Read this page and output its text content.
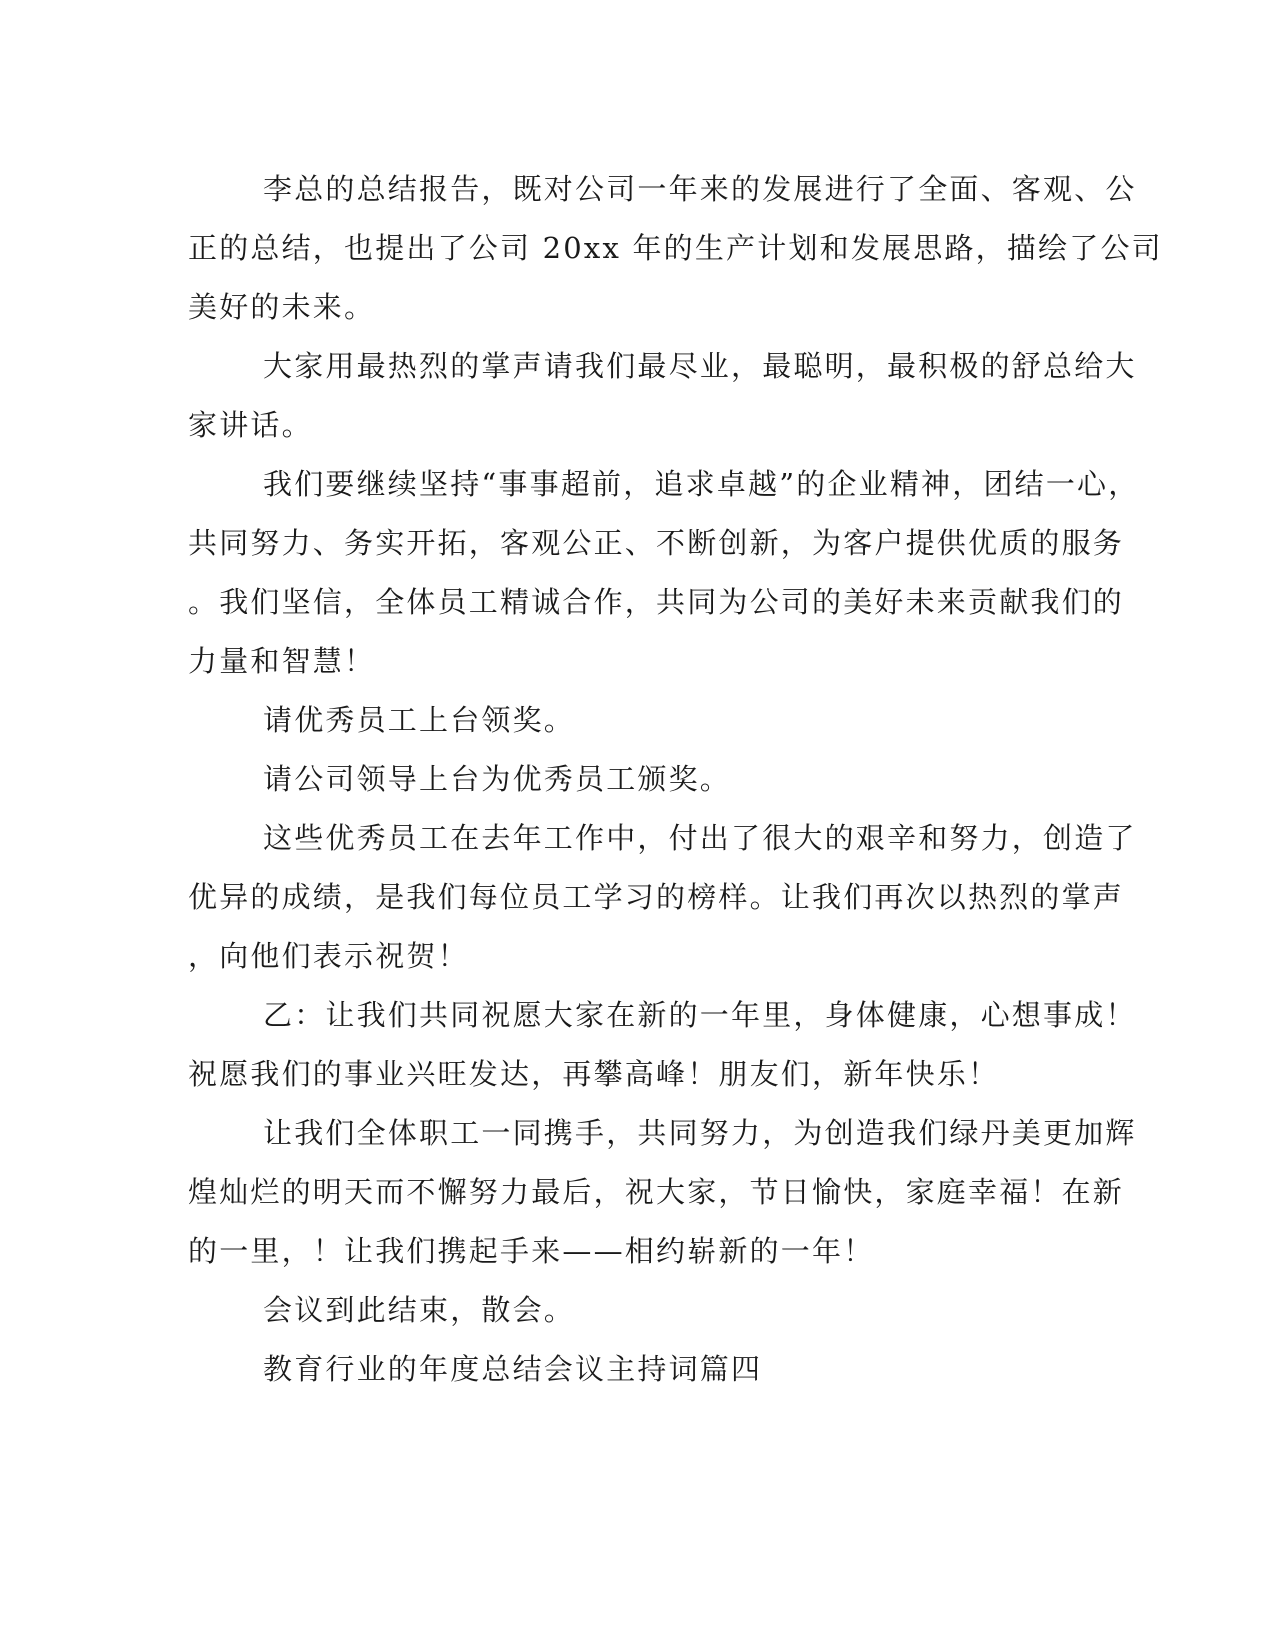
李总的总结报告，既对公司一年来的发展进行了全面、客观、公
正的总结，也提出了公司 20xx 年的生产计划和发展思路，描绘了公司
美好的未来。
大家用最热烈的掌声请我们最尽业，最聪明，最积极的舒总给大
家讲话。
我们要继续坚持“事事超前，追求卓越”的企业精神，团结一心，
共同努力、务实开拓，客观公正、不断创新，为客户提供优质的服务
。我们坚信，全体员工精诚合作，共同为公司的美好未来贡献我们的
力量和智慧！
请优秀员工上台领奖。
请公司领导上台为优秀员工颁奖。
这些优秀员工在去年工作中，付出了很大的艰辛和努力，创造了
优异的成绩，是我们每位员工学习的榜样。让我们再次以热烈的掌声
，向他们表示祝贺！
乙：让我们共同祝愿大家在新的一年里，身体健康，心想事成！
祝愿我们的事业兴旺发达，再攀高峰！朋友们，新年快乐！
让我们全体职工一同携手，共同努力，为创造我们绿丹美更加辉
煌灿烂的明天而不懈努力最后，祝大家，节日愉快，家庭幸福！在新
的一里，！让我们携起手来——相约崭新的一年！
会议到此结束，散会。
教育行业的年度总结会议主持词篇四
